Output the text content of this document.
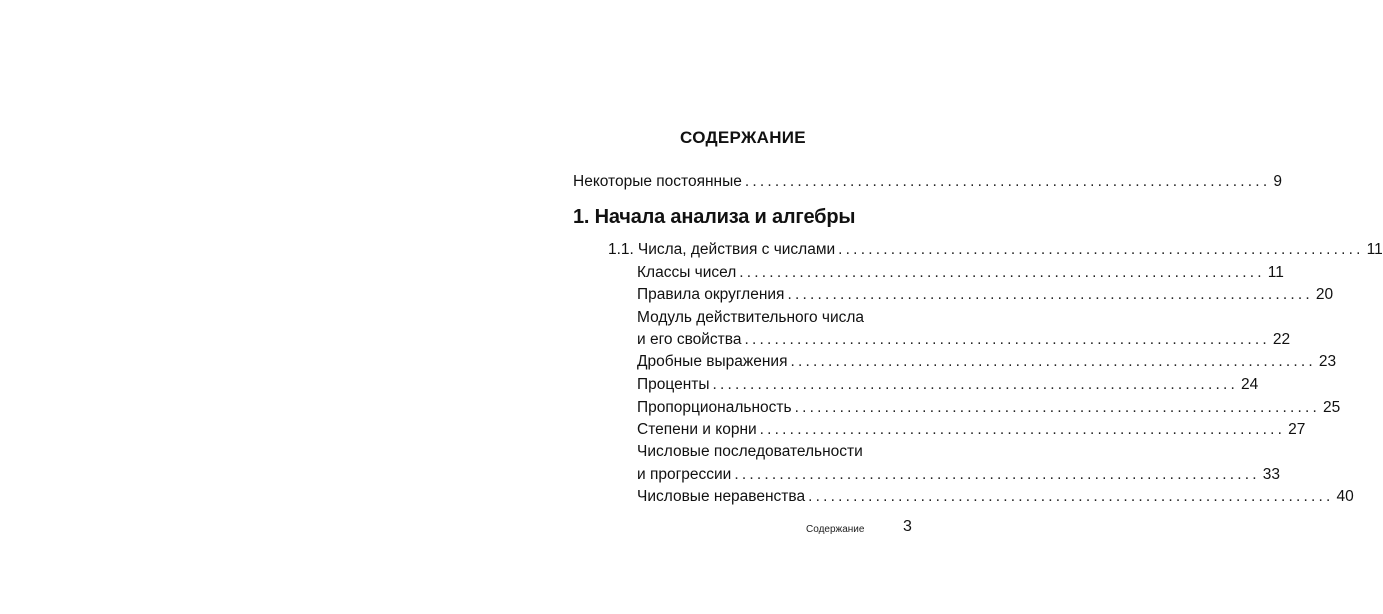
СОДЕРЖАНИЕ
Некоторые постоянные ...................................................................... 9
1. Начала анализа и алгебры
1.1. Числа, действия с числами ...................................................................... 11
Классы чисел ...................................................................... 11
Правила округления ...................................................................... 20
Модуль действительного числа
и его свойства ...................................................................... 22
Дробные выражения ...................................................................... 23
Проценты ...................................................................... 24
Пропорциональность ...................................................................... 25
Степени и корни ...................................................................... 27
Числовые последовательности
и прогрессии ...................................................................... 33
Числовые неравенства ...................................................................... 40
Содержание 3
